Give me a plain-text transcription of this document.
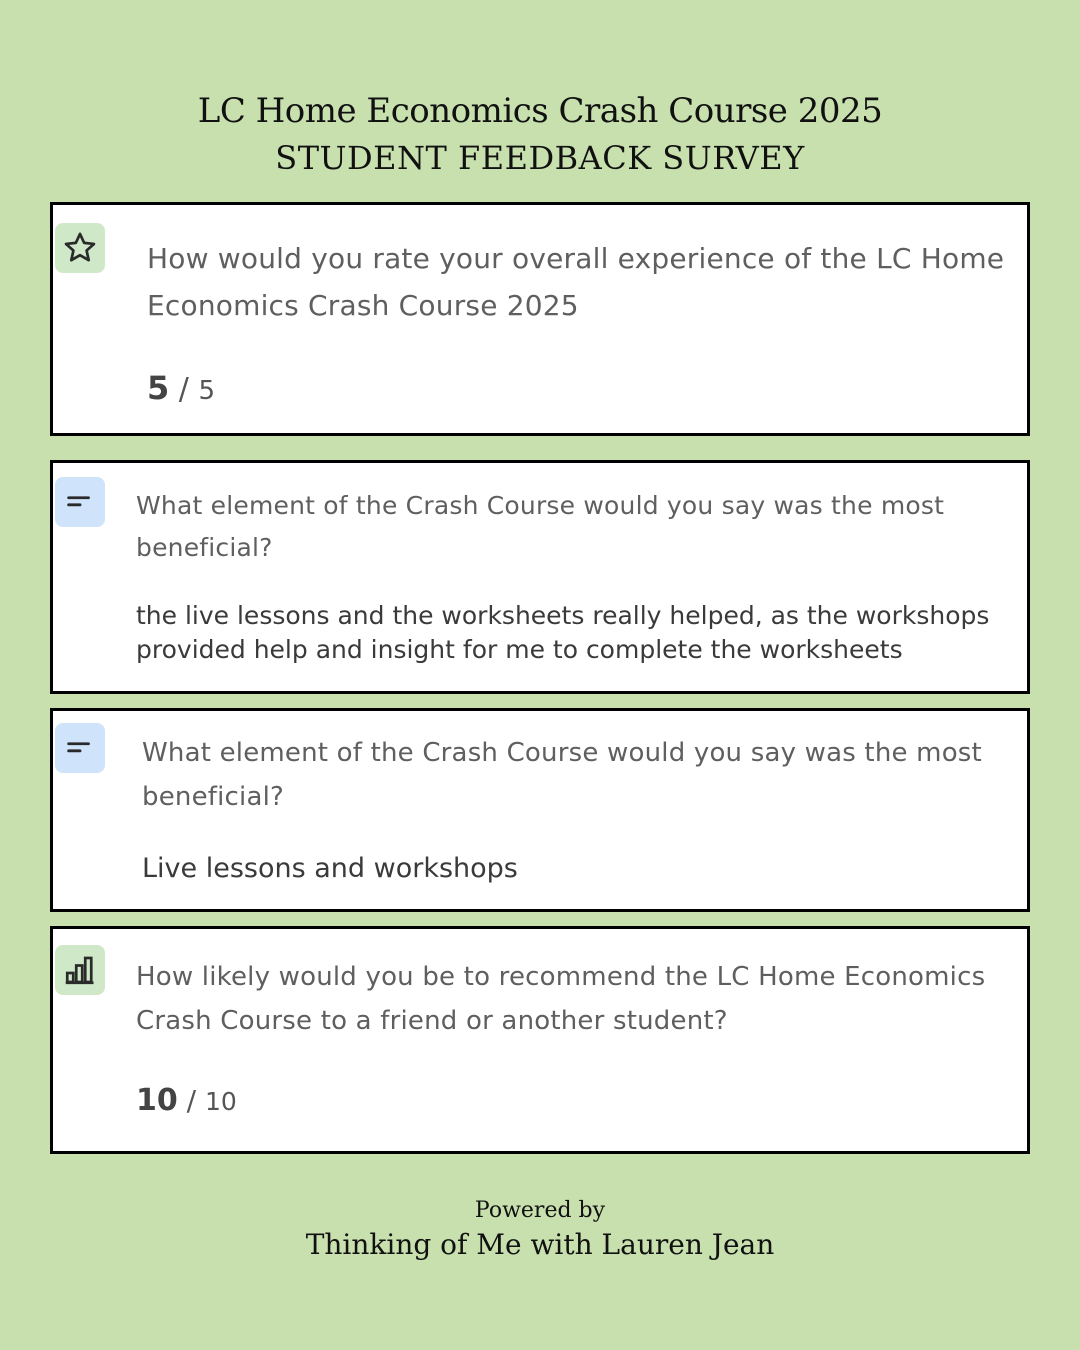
LC Home Economics Crash Course 2025
STUDENT FEEDBACK SURVEY
How would you rate your overall experience of the LC Home Economics Crash Course 2025
5 / 5
What element of the Crash Course would you say was the most beneficial?
the live lessons and the worksheets really helped, as the workshops provided help and insight for me to complete the worksheets
What element of the Crash Course would you say was the most beneficial?
Live lessons and workshops
How likely would you be to recommend the LC Home Economics Crash Course to a friend or another student?
10 / 10
Powered by
Thinking of Me with Lauren Jean
